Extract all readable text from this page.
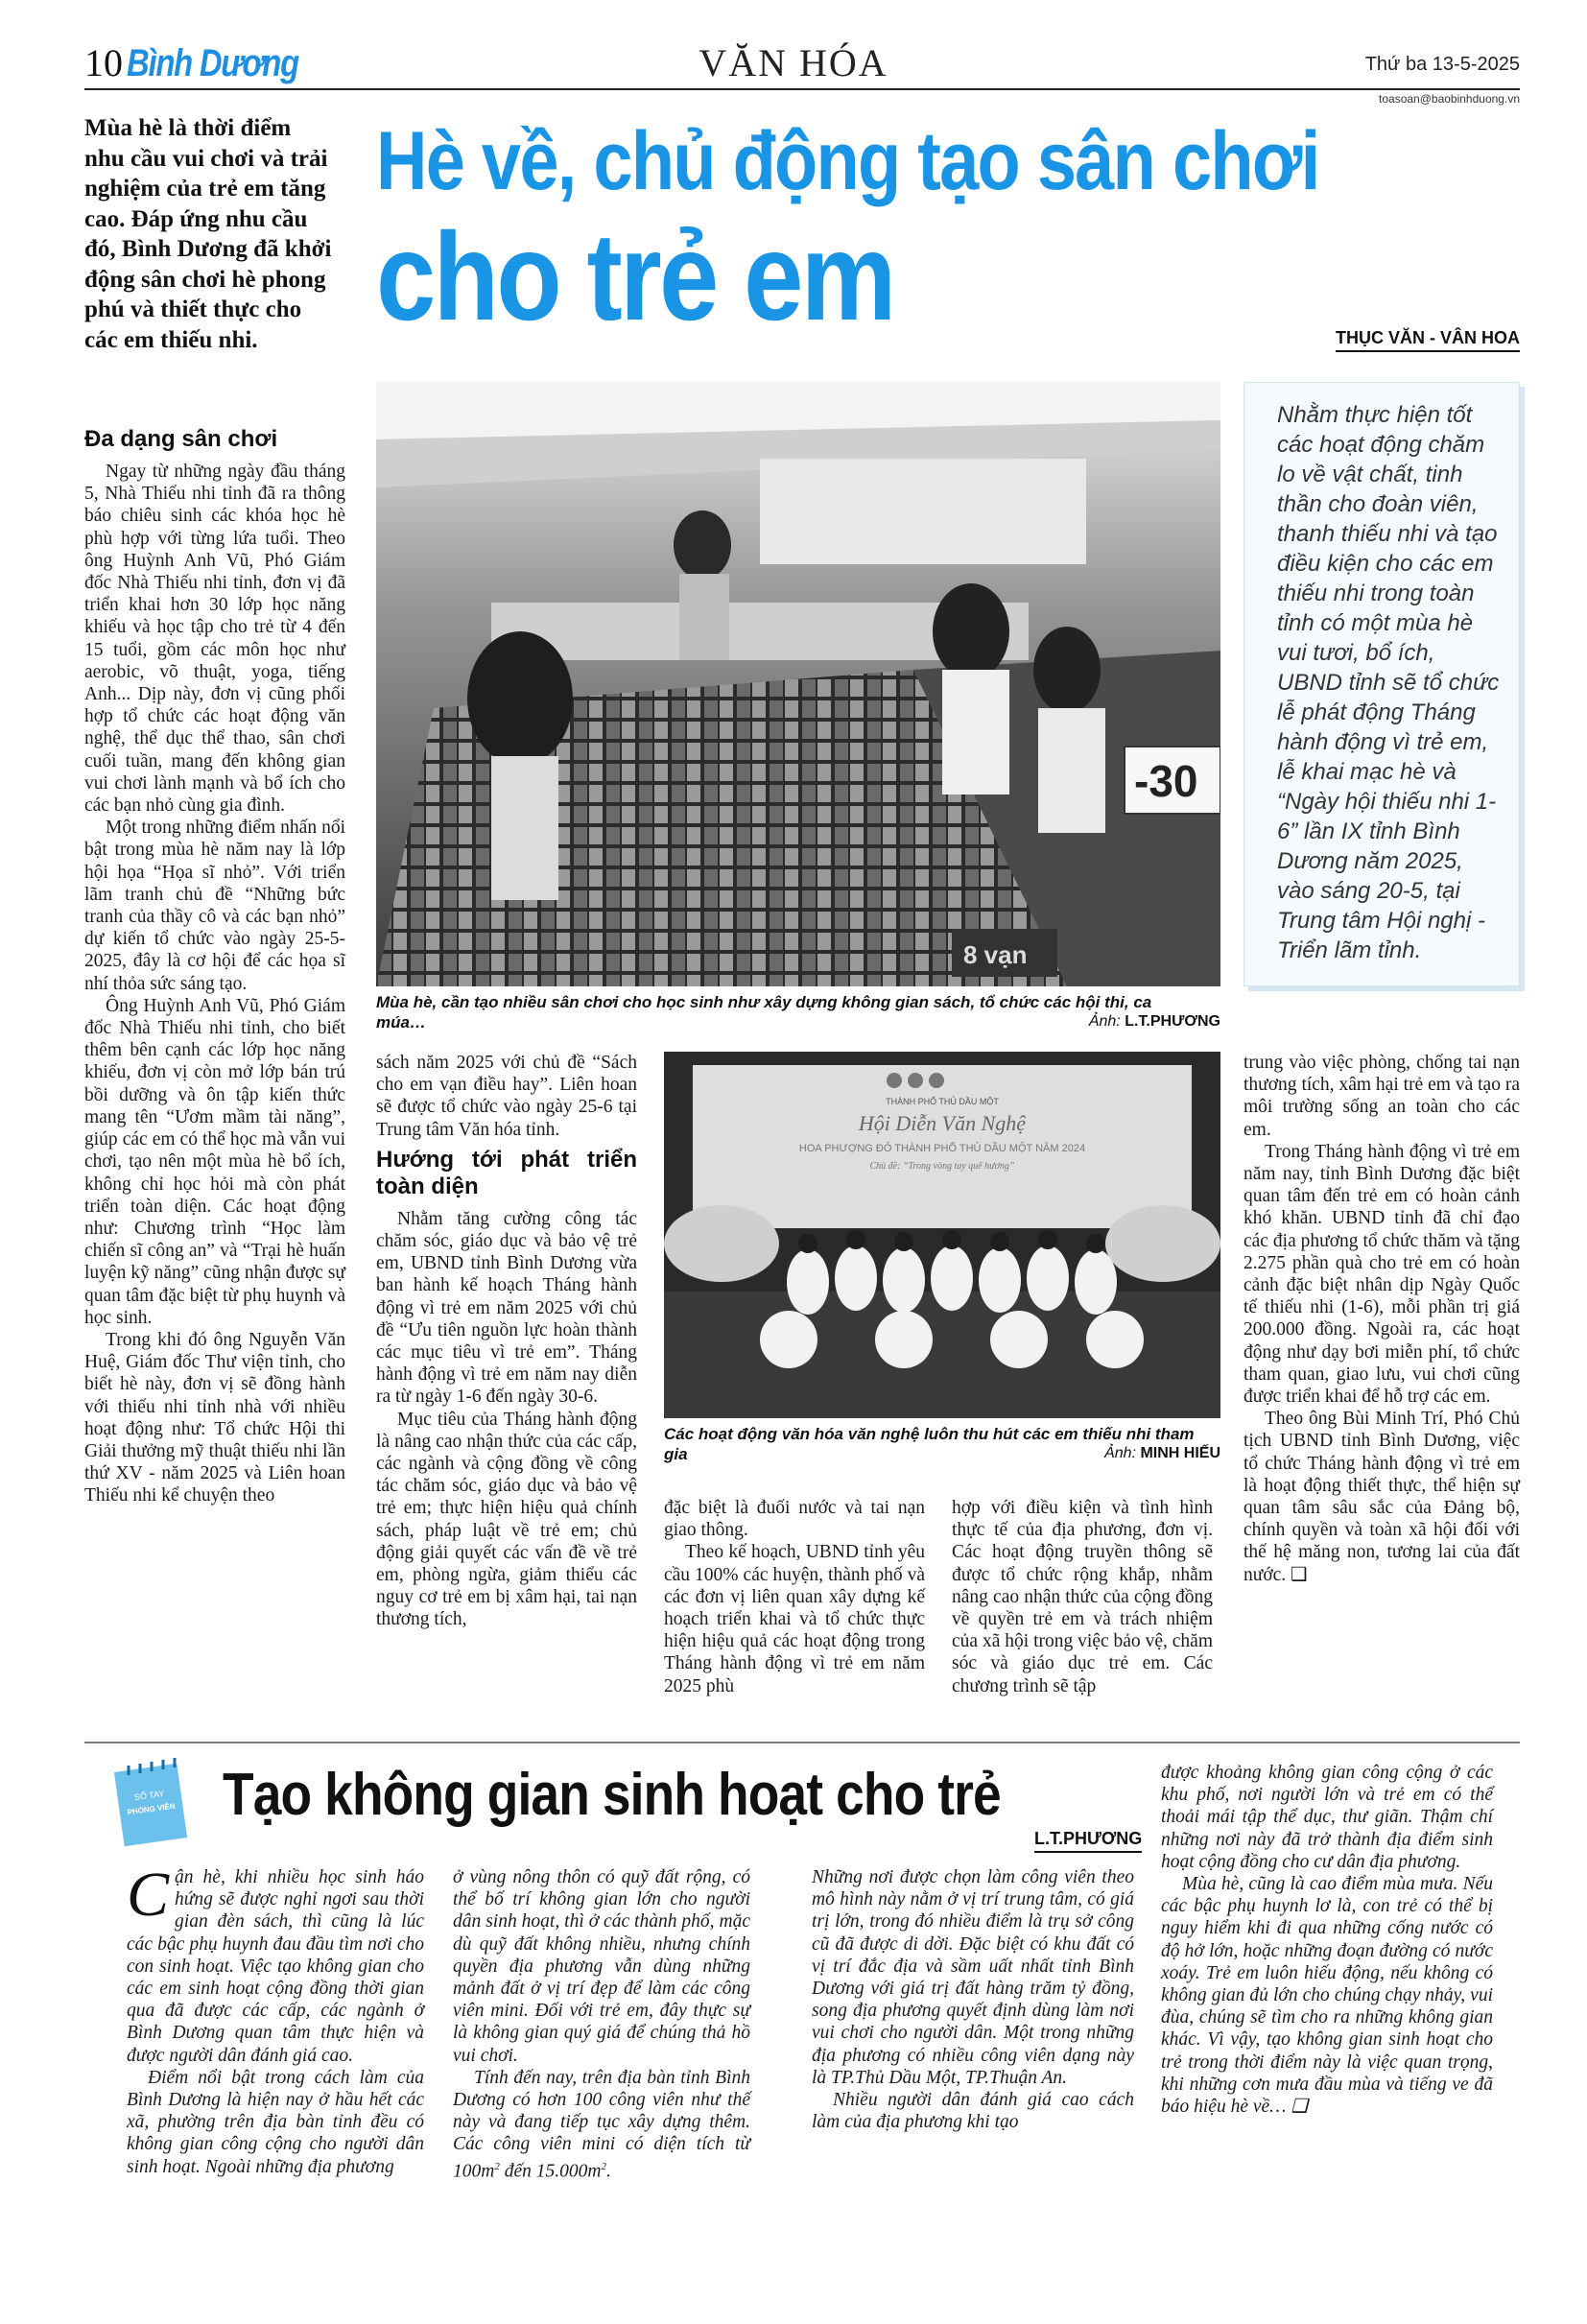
10 Bình Dương	VĂN HÓA	Thứ ba 13-5-2025
toasoan@baobinhduong.vn
Mùa hè là thời điểm nhu cầu vui chơi và trải nghiệm của trẻ em tăng cao. Đáp ứng nhu cầu đó, Bình Dương đã khởi động sân chơi hè phong phú và thiết thực cho các em thiếu nhi.
Hè về, chủ động tạo sân chơi
cho trẻ em	THỤC VĂN - VÂN HOA
Đa dạng sân chơi

Ngay từ những ngày đầu tháng 5, Nhà Thiếu nhi tỉnh đã ra thông báo chiêu sinh các khóa học hè phù hợp với từng lứa tuổi. Theo ông Huỳnh Anh Vũ, Phó Giám đốc Nhà Thiếu nhi tỉnh, đơn vị đã triển khai hơn 30 lớp học năng khiếu và học tập cho trẻ từ 4 đến 15 tuổi, gồm các môn học như aerobic, võ thuật, yoga, tiếng Anh... Dịp này, đơn vị cũng phối hợp tổ chức các hoạt động văn nghệ, thể dục thể thao, sân chơi cuối tuần, mang đến không gian vui chơi lành mạnh và bổ ích cho các bạn nhỏ cùng gia đình.

Một trong những điểm nhấn nổi bật trong mùa hè năm nay là lớp hội họa “Họa sĩ nhỏ”. Với triển lãm tranh chủ đề “Những bức tranh của thầy cô và các bạn nhỏ” dự kiến tổ chức vào ngày 25-5-2025, đây là cơ hội để các họa sĩ nhí thỏa sức sáng tạo.

Ông Huỳnh Anh Vũ, Phó Giám đốc Nhà Thiếu nhi tỉnh, cho biết thêm bên cạnh các lớp học năng khiếu, đơn vị còn mở lớp bán trú bồi dưỡng và ôn tập kiến thức mang tên “Ươm mầm tài năng”, giúp các em có thể học mà vẫn vui chơi, tạo nên một mùa hè bổ ích, không chỉ học hỏi mà còn phát triển toàn diện. Các hoạt động như: Chương trình “Học làm chiến sĩ công an” và “Trại hè huấn luyện kỹ năng” cũng nhận được sự quan tâm đặc biệt từ phụ huynh và học sinh.

Trong khi đó ông Nguyễn Văn Huệ, Giám đốc Thư viện tỉnh, cho biết hè này, đơn vị sẽ đồng hành với thiếu nhi tỉnh nhà với nhiều hoạt động như: Tổ chức Hội thi Giải thưởng mỹ thuật thiếu nhi lần thứ XV - năm 2025 và Liên hoan Thiếu nhi kể chuyện theo

-30
8 vạn
Mùa hè, cần tạo nhiều sân chơi cho học sinh như xây dựng không gian sách, tổ chức các hội thi, ca múa…	Ảnh: L.T.PHƯƠNG
Nhằm thực hiện tốt các hoạt động chăm lo về vật chất, tinh thần cho đoàn viên, thanh thiếu nhi và tạo điều kiện cho các em thiếu nhi trong toàn tỉnh có một mùa hè vui tươi, bổ ích, UBND tỉnh sẽ tổ chức lễ phát động Tháng hành động vì trẻ em, lễ khai mạc hè và “Ngày hội thiếu nhi 1-6” lần IX tỉnh Bình Dương năm 2025, vào sáng 20-5, tại Trung tâm Hội nghị - Triển lãm tỉnh.

sách năm 2025 với chủ đề “Sách cho em vạn điều hay”. Liên hoan sẽ được tổ chức vào ngày 25-6 tại Trung tâm Văn hóa tỉnh.

Hướng tới phát triển toàn diện

Nhằm tăng cường công tác chăm sóc, giáo dục và bảo vệ trẻ em, UBND tỉnh Bình Dương vừa ban hành kế hoạch Tháng hành động vì trẻ em năm 2025 với chủ đề “Ưu tiên nguồn lực hoàn thành các mục tiêu vì trẻ em”. Tháng hành động vì trẻ em năm nay diễn ra từ ngày 1-6 đến ngày 30-6.

Mục tiêu của Tháng hành động là nâng cao nhận thức của các cấp, các ngành và cộng đồng về công tác chăm sóc, giáo dục và bảo vệ trẻ em; thực hiện hiệu quả chính sách, pháp luật về trẻ em; chủ động giải quyết các vấn đề về trẻ em, phòng ngừa, giảm thiểu các nguy cơ trẻ em bị xâm hại, tai nạn thương tích,

THÀNH PHỐ THỦ DẦU MỘT
Hội Diễn Văn Nghệ
HOA PHƯỢNG ĐỎ THÀNH PHỐ THỦ DẦU MỘT NĂM 2024
Chủ đề: “Trong vòng tay quê hương”
Các hoạt động văn hóa văn nghệ luôn thu hút các em thiếu nhi tham gia	Ảnh: MINH HIẾU

đặc biệt là đuối nước và tai nạn giao thông.

Theo kế hoạch, UBND tỉnh yêu cầu 100% các huyện, thành phố và các đơn vị liên quan xây dựng kế hoạch triển khai và tổ chức thực hiện hiệu quả các hoạt động trong Tháng hành động vì trẻ em năm 2025 phù

hợp với điều kiện và tình hình thực tế của địa phương, đơn vị. Các hoạt động truyền thông sẽ được tổ chức rộng khắp, nhằm nâng cao nhận thức của cộng đồng về quyền trẻ em và trách nhiệm của xã hội trong việc bảo vệ, chăm sóc và giáo dục trẻ em. Các chương trình sẽ tập

trung vào việc phòng, chống tai nạn thương tích, xâm hại trẻ em và tạo ra môi trường sống an toàn cho các em.

Trong Tháng hành động vì trẻ em năm nay, tỉnh Bình Dương đặc biệt quan tâm đến trẻ em có hoàn cảnh khó khăn. UBND tỉnh đã chỉ đạo các địa phương tổ chức thăm và tặng 2.275 phần quà cho trẻ em có hoàn cảnh đặc biệt nhân dịp Ngày Quốc tế thiếu nhi (1-6), mỗi phần trị giá 200.000 đồng. Ngoài ra, các hoạt động như dạy bơi miễn phí, tổ chức tham quan, giao lưu, vui chơi cũng được triển khai để hỗ trợ các em.

Theo ông Bùi Minh Trí, Phó Chủ tịch UBND tỉnh Bình Dương, việc tổ chức Tháng hành động vì trẻ em là hoạt động thiết thực, thể hiện sự quan tâm sâu sắc của Đảng bộ, chính quyền và toàn xã hội đối với thế hệ măng non, tương lai của đất nước. ❑

SỔ TAY
PHÓNG VIÊN Tạo không gian sinh hoạt cho trẻ
L.T.PHƯƠNG

Cận hè, khi nhiều học sinh háo hứng sẽ được nghỉ ngơi sau thời gian đèn sách, thì cũng là lúc các bậc phụ huynh đau đầu tìm nơi cho con sinh hoạt. Việc tạo không gian cho các em sinh hoạt cộng đồng thời gian qua đã được các cấp, các ngành ở Bình Dương quan tâm thực hiện và được người dân đánh giá cao.

Điểm nổi bật trong cách làm của Bình Dương là hiện nay ở hầu hết các xã, phường trên địa bàn tỉnh đều có không gian công cộng cho người dân sinh hoạt. Ngoài những địa phương

ở vùng nông thôn có quỹ đất rộng, có thể bố trí không gian lớn cho người dân sinh hoạt, thì ở các thành phố, mặc dù quỹ đất không nhiều, nhưng chính quyền địa phương vẫn dùng những mảnh đất ở vị trí đẹp để làm các công viên mini. Đối với trẻ em, đây thực sự là không gian quý giá để chúng thả hồ vui chơi.

Tính đến nay, trên địa bàn tỉnh Bình Dương có hơn 100 công viên như thế này và đang tiếp tục xây dựng thêm. Các công viên mini có diện tích từ $100m^2$ đến $15.000m^2$.

Những nơi được chọn làm công viên theo mô hình này nằm ở vị trí trung tâm, có giá trị lớn, trong đó nhiều điểm là trụ sở công cũ đã được di dời. Đặc biệt có khu đất có vị trí đắc địa và sầm uất nhất tỉnh Bình Dương với giá trị đất hàng trăm tỷ đồng, song địa phương quyết định dùng làm nơi vui chơi cho người dân. Một trong những địa phương có nhiều công viên dạng này là TP.Thủ Dầu Một, TP.Thuận An.

Nhiều người dân đánh giá cao cách làm của địa phương khi tạo

được khoảng không gian công cộng ở các khu phố, nơi người lớn và trẻ em có thể thoải mái tập thể dục, thư giãn. Thậm chí những nơi này đã trở thành địa điểm sinh hoạt cộng đồng cho cư dân địa phương.

Mùa hè, cũng là cao điểm mùa mưa. Nếu các bậc phụ huynh lơ là, con trẻ có thể bị nguy hiểm khi đi qua những cống nước có độ hở lớn, hoặc những đoạn đường có nước xoáy. Trẻ em luôn hiếu động, nếu không có không gian đủ lớn cho chúng chạy nhảy, vui đùa, chúng sẽ tìm cho ra những không gian khác. Vì vậy, tạo không gian sinh hoạt cho trẻ trong thời điểm này là việc quan trọng, khi những cơn mưa đầu mùa và tiếng ve đã báo hiệu hè về… ❑
